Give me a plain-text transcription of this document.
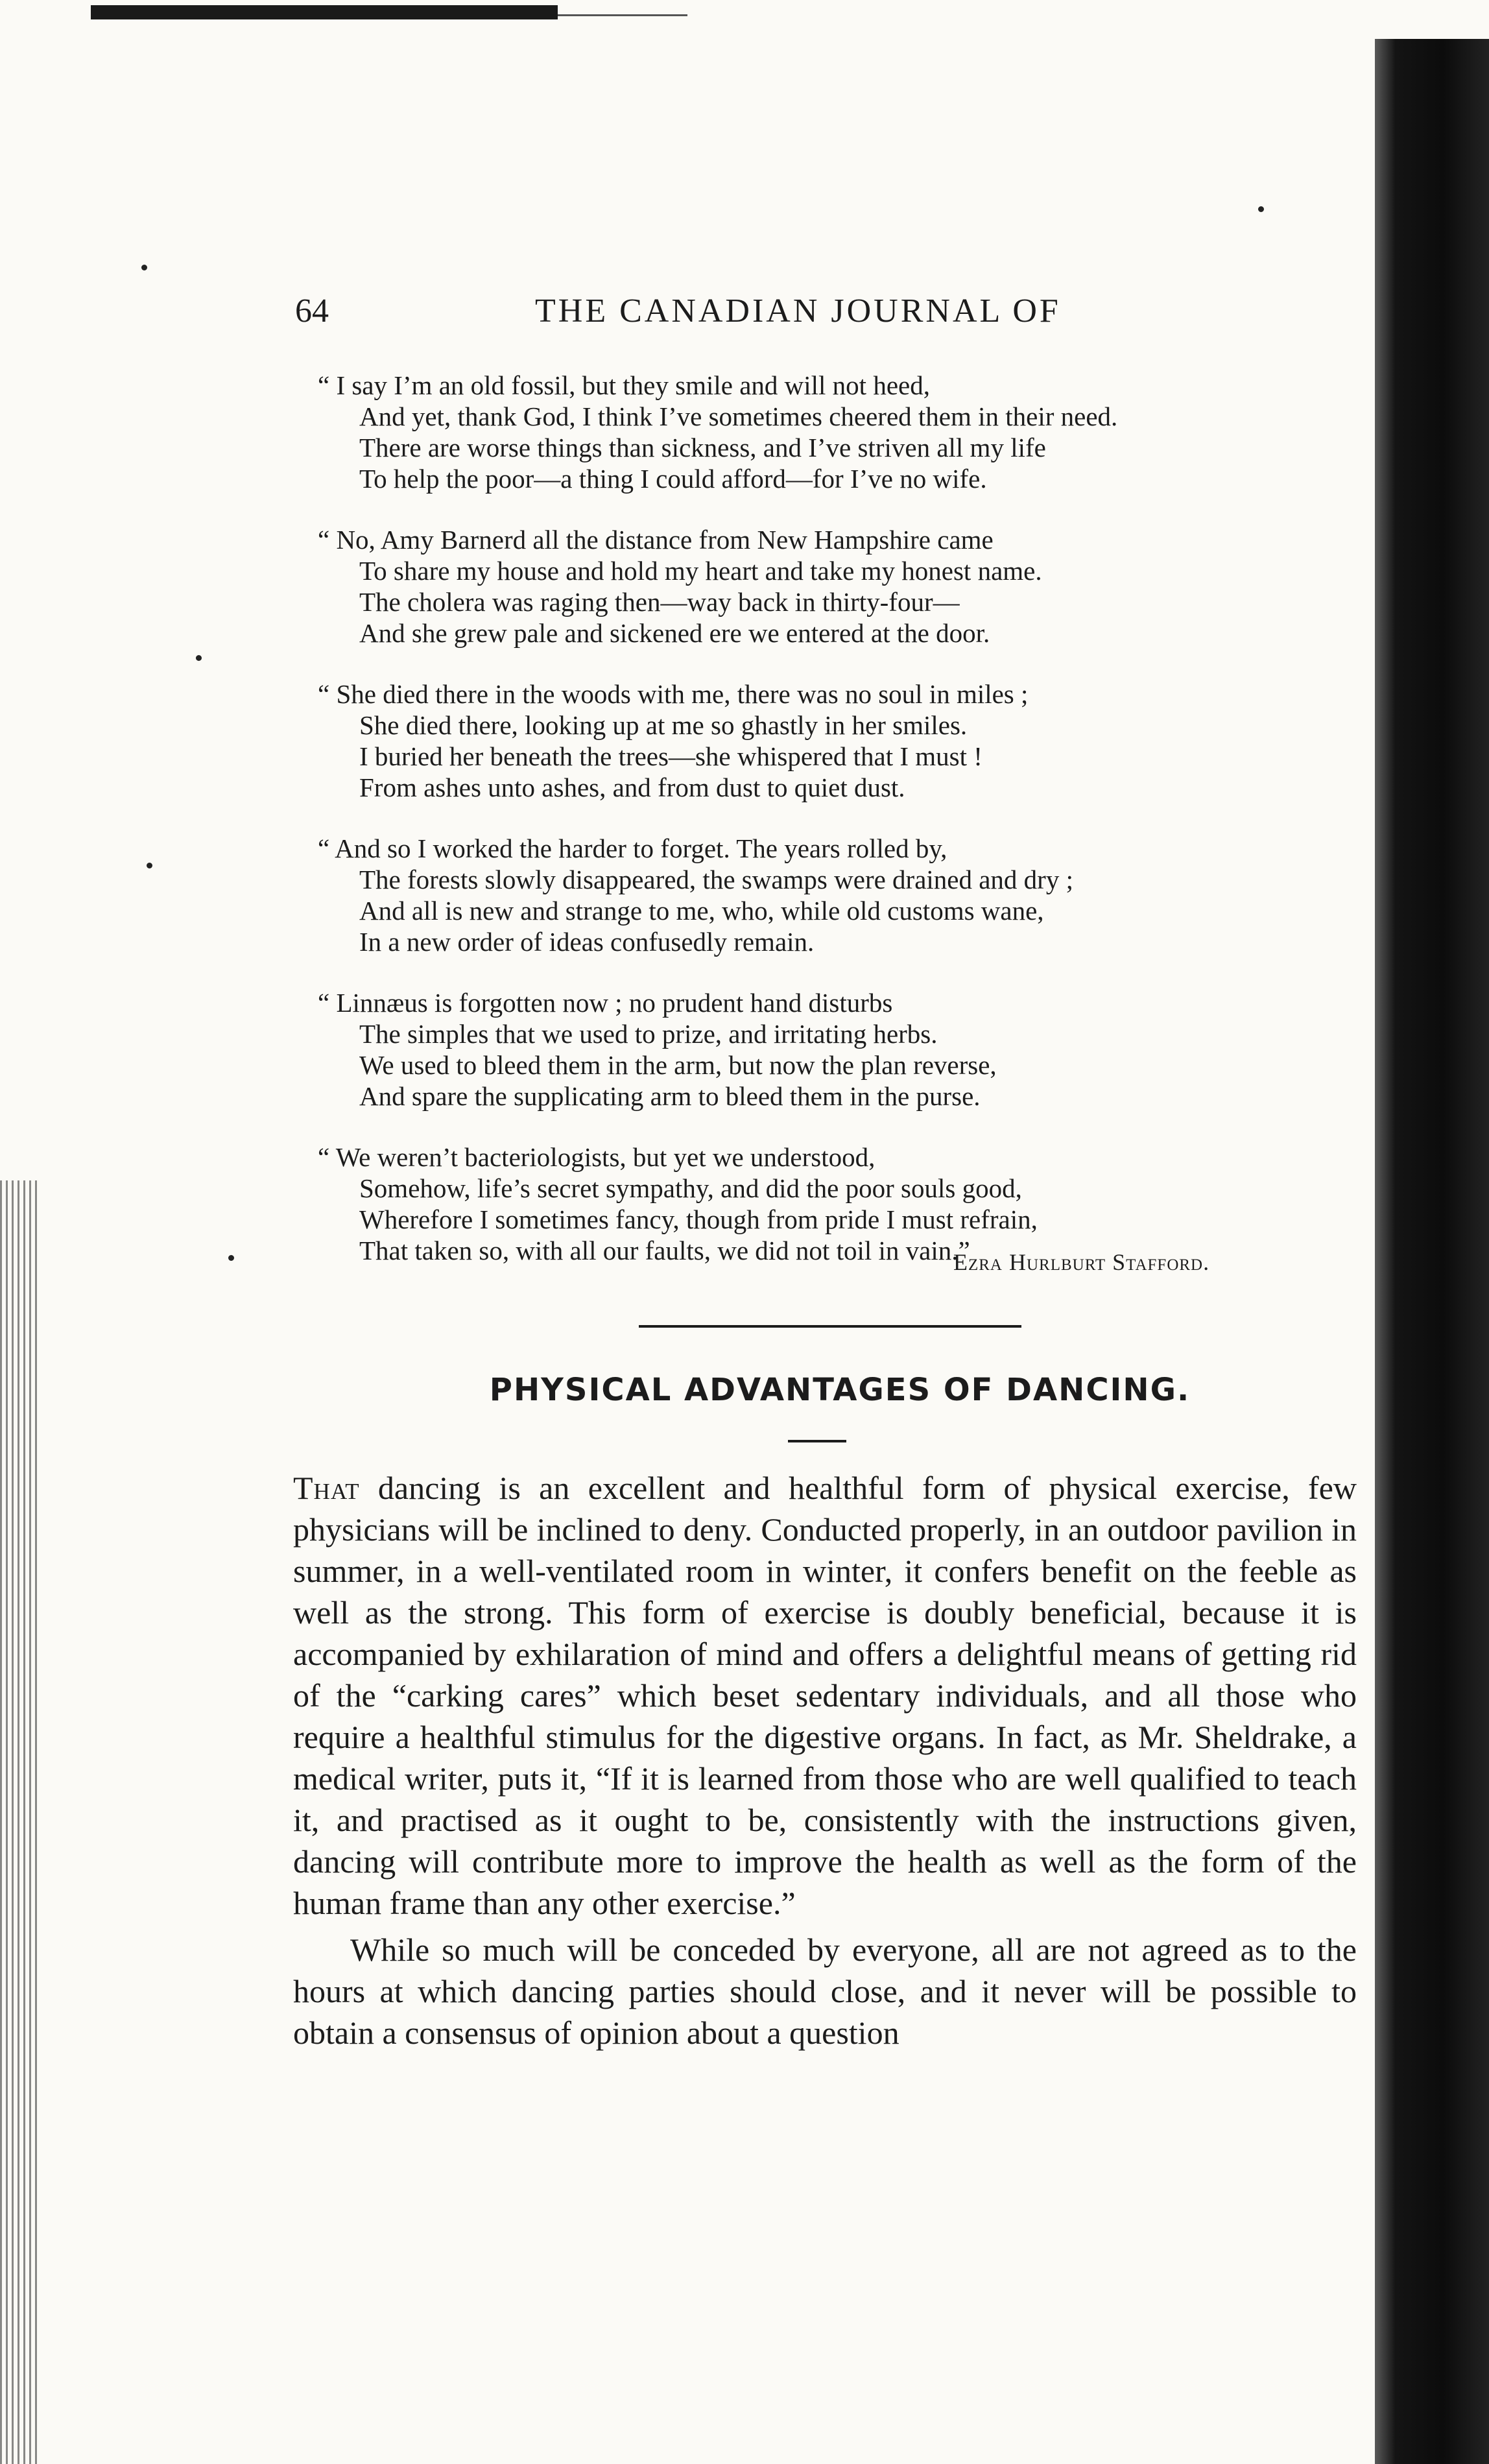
64	THE CANADIAN JOURNAL OF
“ I say I’m an old fossil, but they smile and will not heed,
And yet, thank God, I think I’ve sometimes cheered them in their need.
There are worse things than sickness, and I’ve striven all my life
To help the poor—a thing I could afford—for I’ve no wife.
“ No, Amy Barnerd all the distance from New Hampshire came
To share my house and hold my heart and take my honest name.
The cholera was raging then—way back in thirty-four—
And she grew pale and sickened ere we entered at the door.
“ She died there in the woods with me, there was no soul in miles ;
She died there, looking up at me so ghastly in her smiles.
I buried her beneath the trees—she whispered that I must !
From ashes unto ashes, and from dust to quiet dust.
“ And so I worked the harder to forget. The years rolled by,
The forests slowly disappeared, the swamps were drained and dry ;
And all is new and strange to me, who, while old customs wane,
In a new order of ideas confusedly remain.
“ Linnæus is forgotten now ; no prudent hand disturbs
The simples that we used to prize, and irritating herbs.
We used to bleed them in the arm, but now the plan reverse,
And spare the supplicating arm to bleed them in the purse.
“ We weren’t bacteriologists, but yet we understood,
Somehow, life’s secret sympathy, and did the poor souls good,
Wherefore I sometimes fancy, though from pride I must refrain,
That taken so, with all our faults, we did not toil in vain.”
Ezra Hurlburt Stafford.
PHYSICAL ADVANTAGES OF DANCING.

That dancing is an excellent and healthful form of physical exercise, few physicians will be inclined to deny. Conducted properly, in an outdoor pavilion in summer, in a well-ventilated room in winter, it confers benefit on the feeble as well as the strong. This form of exercise is doubly beneficial, because it is accompanied by exhilaration of mind and offers a delightful means of getting rid of the “carking cares” which beset sedentary individuals, and all those who require a healthful stimulus for the digestive organs. In fact, as Mr. Sheldrake, a medical writer, puts it, “If it is learned from those who are well qualified to teach it, and practised as it ought to be, consistently with the instructions given, dancing will contribute more to improve the health as well as the form of the human frame than any other exercise.”

While so much will be conceded by everyone, all are not agreed as to the hours at which dancing parties should close, and it never will be possible to obtain a consensus of opinion about a question
